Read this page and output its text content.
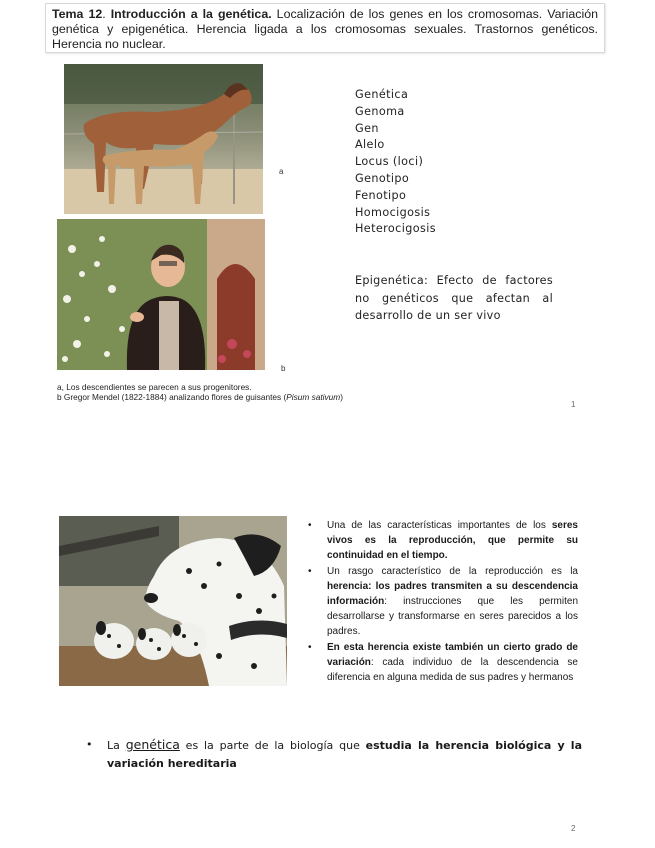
Tema 12. Introducción a la genética. Localización de los genes en los cromosomas. Variación genética y epigenética. Herencia ligada a los cromosomas sexuales. Trastornos genéticos. Herencia no nuclear.
a
b
Genética
Genoma
Gen
Alelo
Locus (loci)
Genotipo
Fenotipo
Homocigosis
Heterocigosis
Epigenética: Efecto de factores no genéticos que afectan al desarrollo de un ser vivo
a, Los descendientes se parecen a sus progenitores.
b Gregor Mendel (1822-1884) analizando flores de guisantes (Pisum sativum)
1
• Una de las características importantes de los seres vivos es la reproducción, que permite su continuidad en el tiempo.
• Un rasgo característico de la reproducción es la herencia: los padres transmiten a su descendencia información: instrucciones que les permiten desarrollarse y transformarse en seres parecidos a los padres.
• En esta herencia existe también un cierto grado de variación: cada individuo de la descendencia se diferencia en alguna medida de sus padres y hermanos
• La genética es la parte de la biología que estudia la herencia biológica y la variación hereditaria
2
